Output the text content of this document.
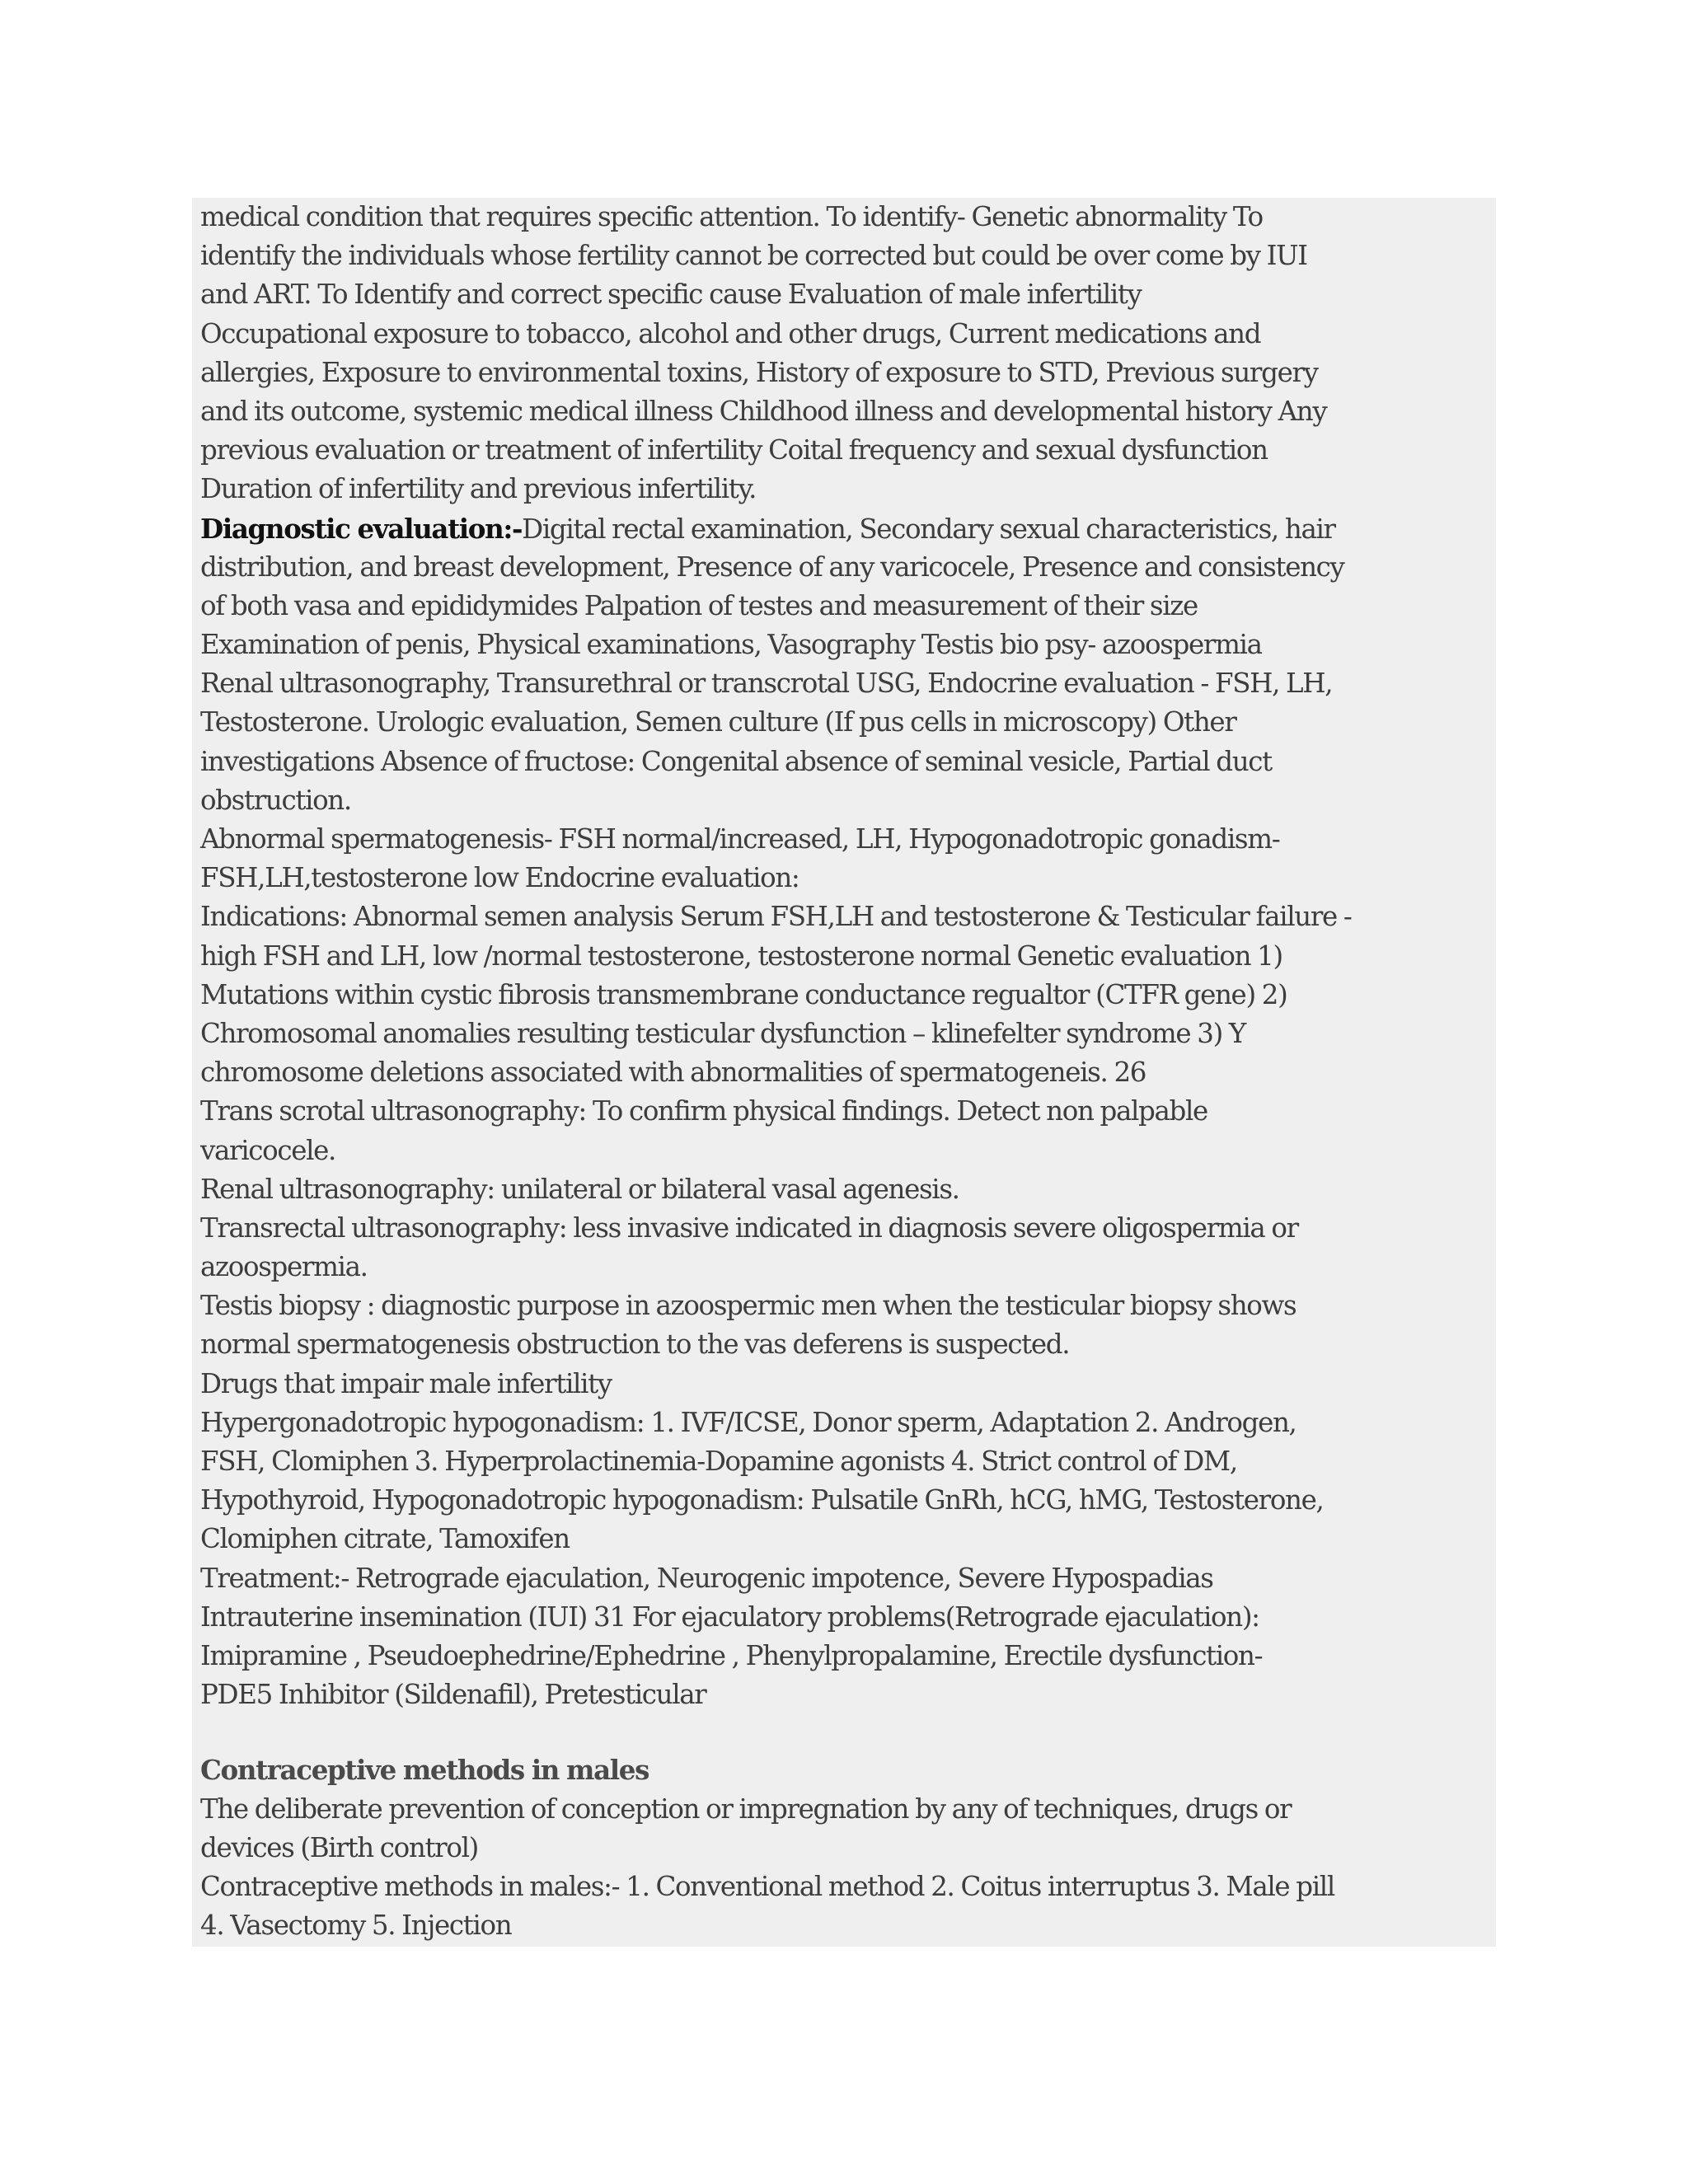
medical condition that requires specific attention. To identify- Genetic abnormality To
identify the individuals whose fertility cannot be corrected but could be over come by IUI
and ART. To Identify and correct specific cause Evaluation of male infertility
Occupational exposure to tobacco, alcohol and other drugs, Current medications and
allergies, Exposure to environmental toxins, History of exposure to STD, Previous surgery
and its outcome, systemic medical illness Childhood illness and developmental history Any
previous evaluation or treatment of infertility Coital frequency and sexual dysfunction
Duration of infertility and previous infertility.
Diagnostic evaluation:-Digital rectal examination, Secondary sexual characteristics, hair
distribution, and breast development, Presence of any varicocele, Presence and consistency
of both vasa and epididymides Palpation of testes and measurement of their size
Examination of penis, Physical examinations, Vasography Testis bio psy- azoospermia
Renal ultrasonography, Transurethral or transcrotal USG, Endocrine evaluation - FSH, LH,
Testosterone. Urologic evaluation, Semen culture (If pus cells in microscopy) Other
investigations Absence of fructose: Congenital absence of seminal vesicle, Partial duct
obstruction.
Abnormal spermatogenesis- FSH normal/increased, LH, Hypogonadotropic gonadism-
FSH,LH,testosterone low Endocrine evaluation:
Indications: Abnormal semen analysis Serum FSH,LH and testosterone & Testicular failure -
high FSH and LH, low /normal testosterone, testosterone normal Genetic evaluation 1)
Mutations within cystic fibrosis transmembrane conductance regualtor (CTFR gene) 2)
Chromosomal anomalies resulting testicular dysfunction – klinefelter syndrome 3) Y
chromosome deletions associated with abnormalities of spermatogeneis. 26
Trans scrotal ultrasonography: To confirm physical findings. Detect non palpable
varicocele.
Renal ultrasonography: unilateral or bilateral vasal agenesis.
Transrectal ultrasonography: less invasive indicated in diagnosis severe oligospermia or
azoospermia.
Testis biopsy : diagnostic purpose in azoospermic men when the testicular biopsy shows
normal spermatogenesis obstruction to the vas deferens is suspected.
Drugs that impair male infertility
Hypergonadotropic hypogonadism: 1. IVF/ICSE, Donor sperm, Adaptation 2. Androgen,
FSH, Clomiphen 3. Hyperprolactinemia-Dopamine agonists 4. Strict control of DM,
Hypothyroid, Hypogonadotropic hypogonadism: Pulsatile GnRh, hCG, hMG, Testosterone,
Clomiphen citrate, Tamoxifen
Treatment:- Retrograde ejaculation, Neurogenic impotence, Severe Hypospadias
Intrauterine insemination (IUI) 31 For ejaculatory problems(Retrograde ejaculation):
Imipramine , Pseudoephedrine/Ephedrine , Phenylpropalamine, Erectile dysfunction-
PDE5 Inhibitor (Sildenafil), Pretesticular
Contraceptive methods in males
The deliberate prevention of conception or impregnation by any of techniques, drugs or
devices (Birth control)
Contraceptive methods in males:- 1. Conventional method 2. Coitus interruptus 3. Male pill
4. Vasectomy 5. Injection
